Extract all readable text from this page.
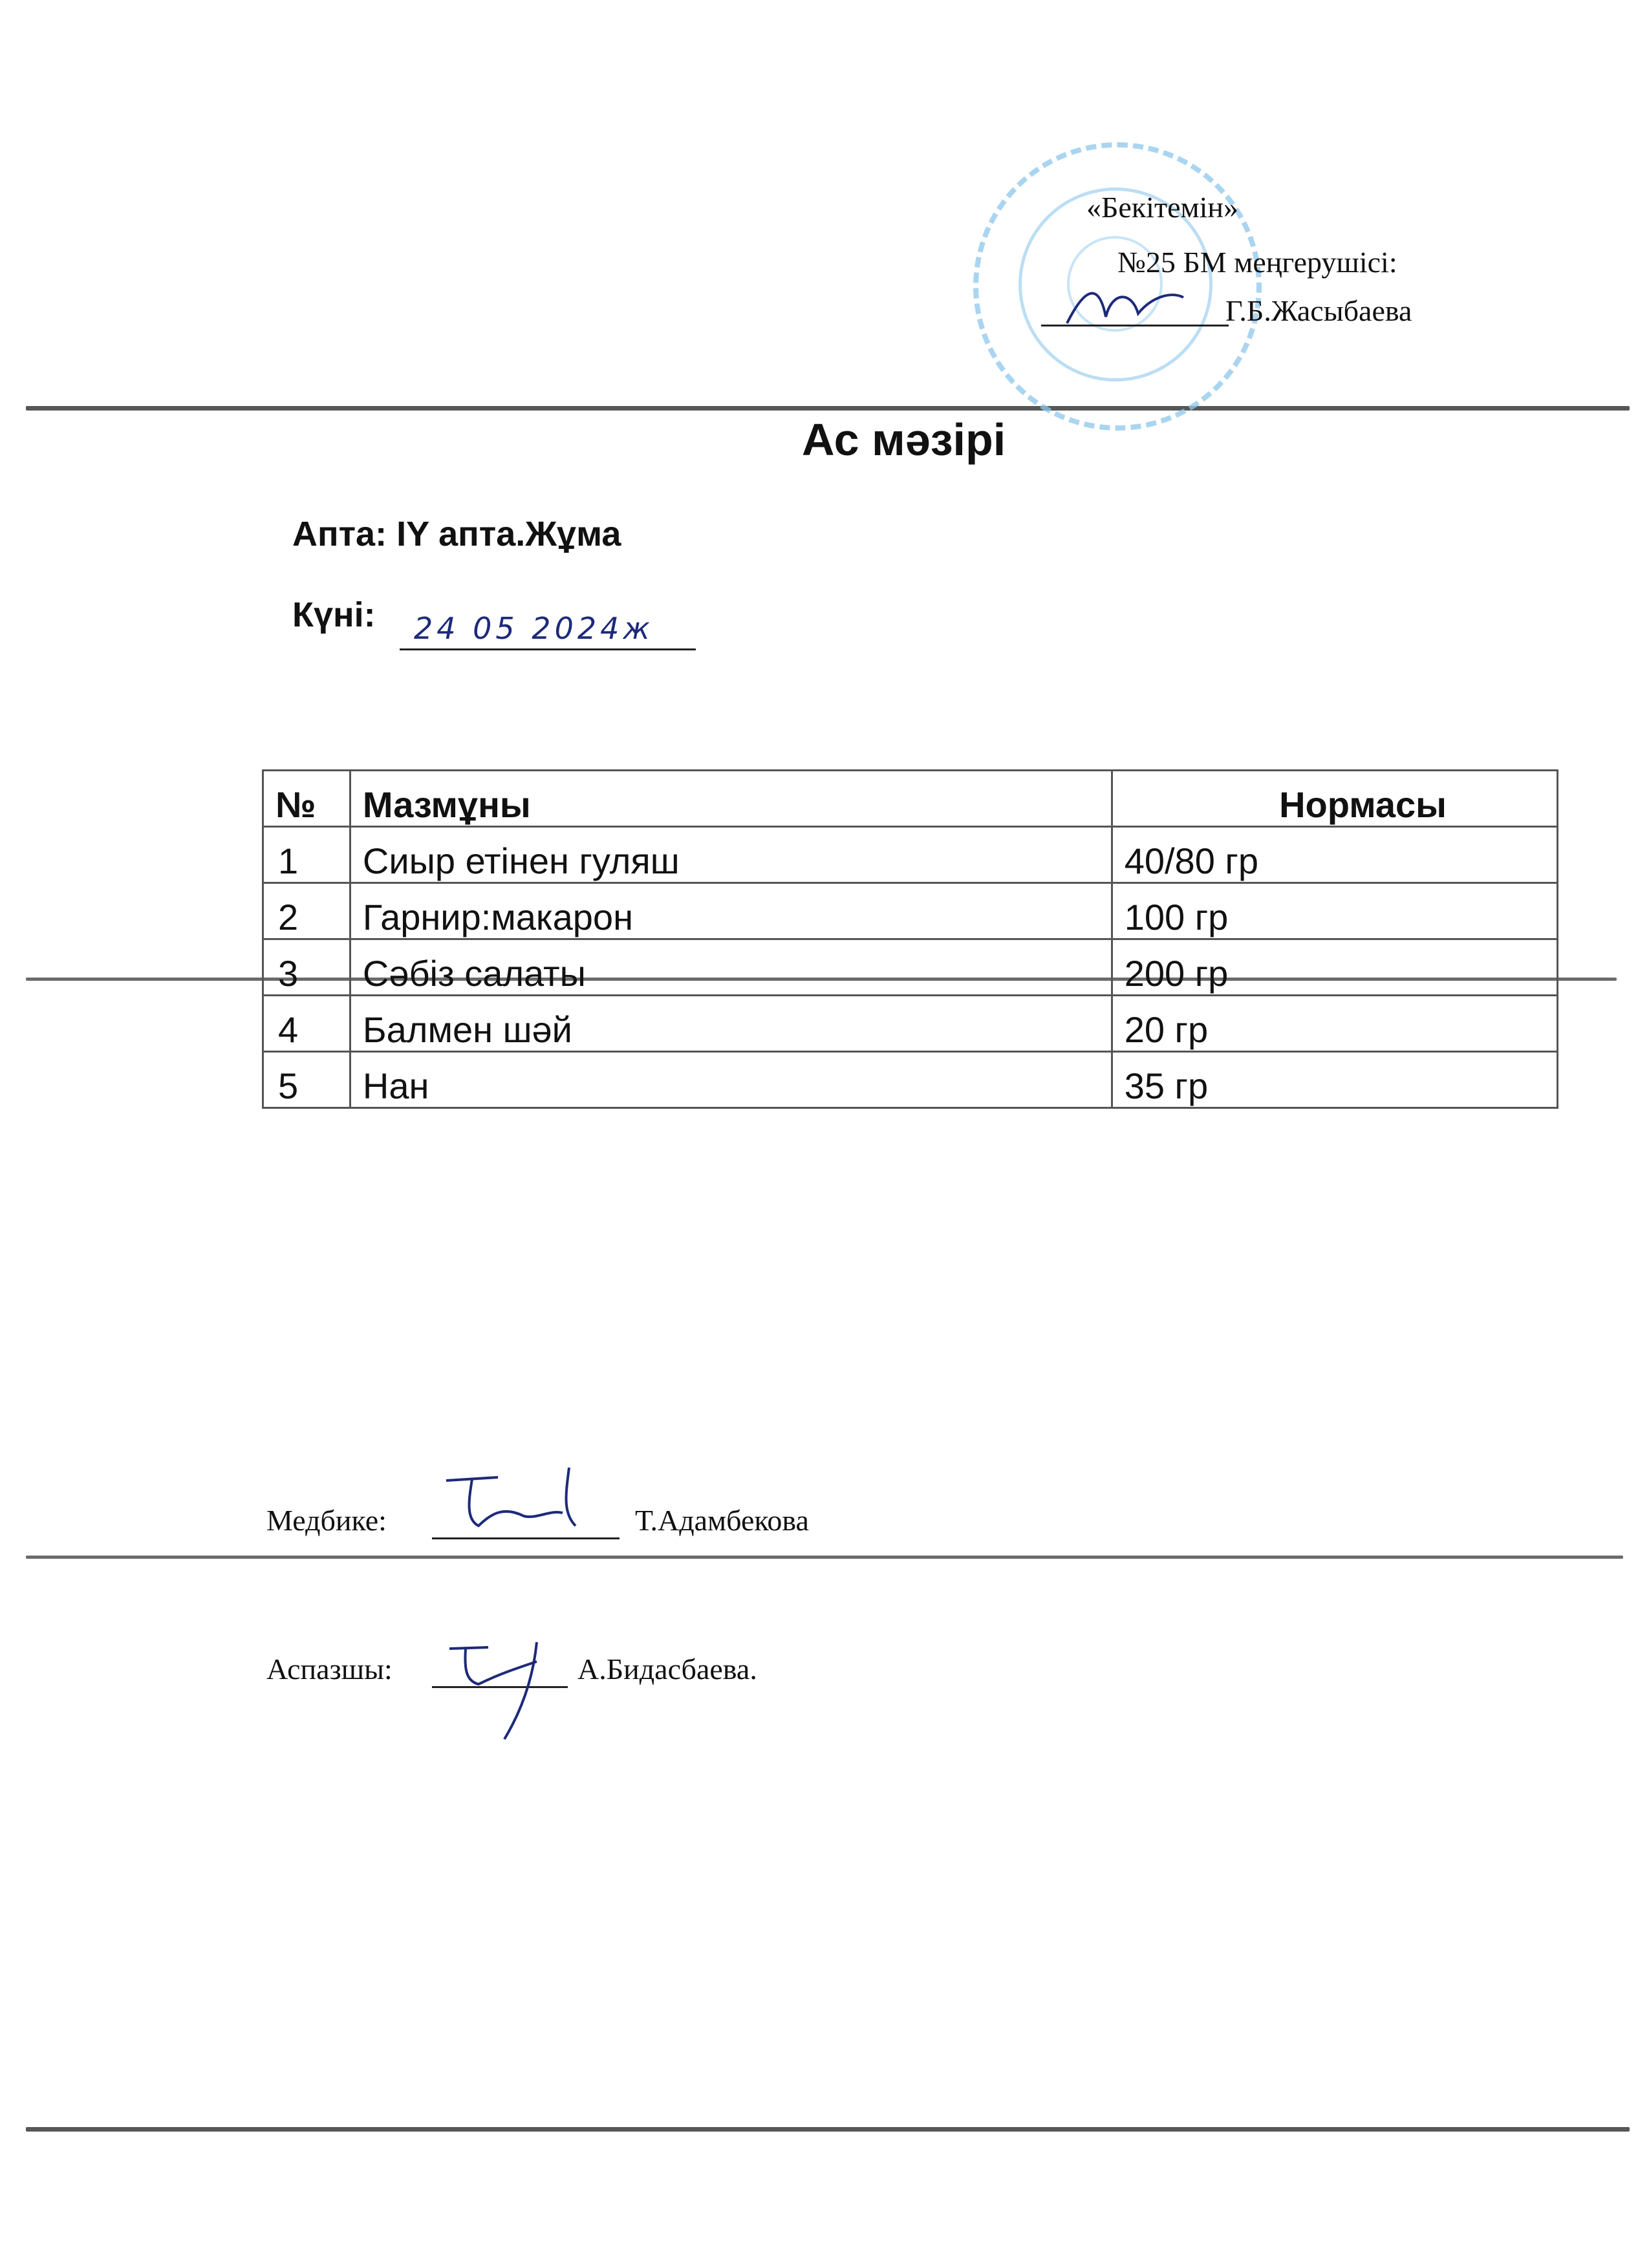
«Бекітемін»
№25 БМ меңгерушісі:
Г.Б.Жасыбаева
Ас мәзірі
Апта: IY апта.Жұма
Күні: 24 05 2024ж
№	Мазмұны	Нормасы
1	Сиыр етінен гуляш	40/80 гр
2	Гарнир:макарон	100 гр
3	Сәбіз салаты	200 гр
4	Балмен шәй	20 гр
5	Нан	35 гр
Медбике:	Т.Адамбекова
Аспазшы:	А.Бидасбаева.
